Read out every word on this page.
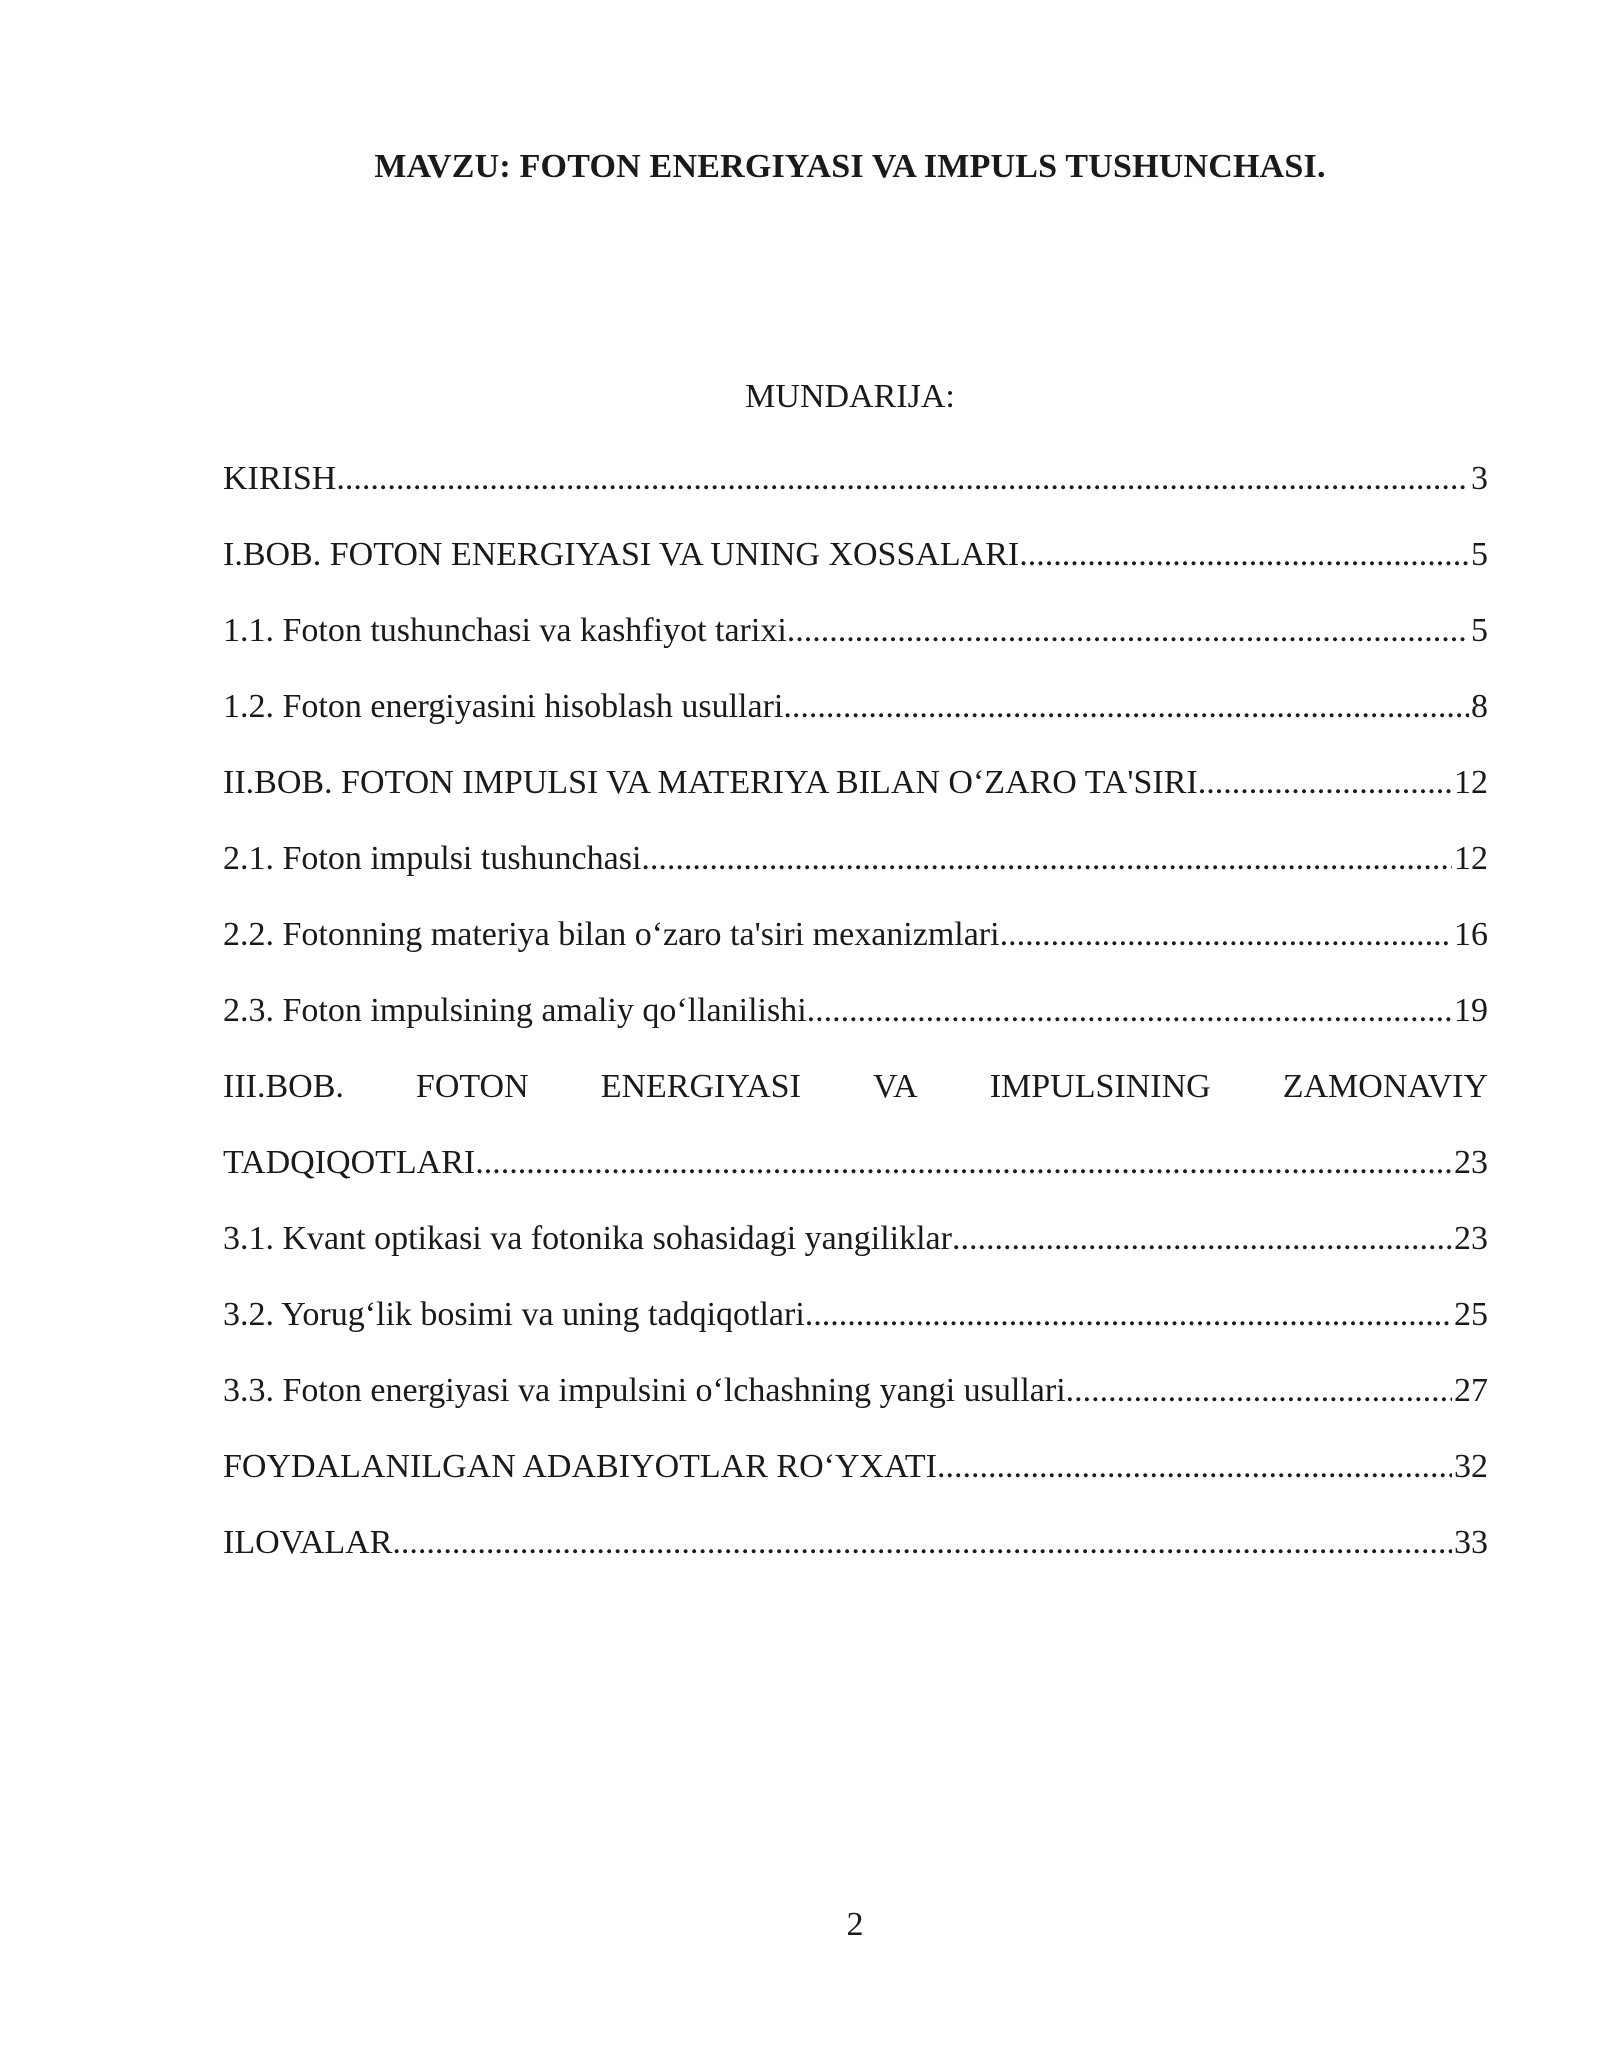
MAVZU: FOTON ENERGIYASI VA IMPULS TUSHUNCHASI.
MUNDARIJA:
KIRISH .....	3
I.BOB. FOTON ENERGIYASI VA UNING XOSSALARI .....	5
1.1. Foton tushunchasi va kashfiyot tarixi .....	5
1.2. Foton energiyasini hisoblash usullari .....	8
II.BOB. FOTON IMPULSI VA MATERIYA BILAN O‘ZARO TA'SIRI .....	12
2.1. Foton impulsi tushunchasi .....	12
2.2. Fotonning materiya bilan o‘zaro ta'siri mexanizmlari .....	16
2.3. Foton impulsining amaliy qo‘llanilishi .....	19
III.BOB. FOTON ENERGIYASI VA IMPULSINING ZAMONAVIY
TADQIQOTLARI .....	23
3.1. Kvant optikasi va fotonika sohasidagi yangiliklar .....	23
3.2. Yorug‘lik bosimi va uning tadqiqotlari .....	25
3.3. Foton energiyasi va impulsini o‘lchashning yangi usullari .....	27
FOYDALANILGAN ADABIYOTLAR RO‘YXATI .....	32
ILOVALAR .....	33
2
